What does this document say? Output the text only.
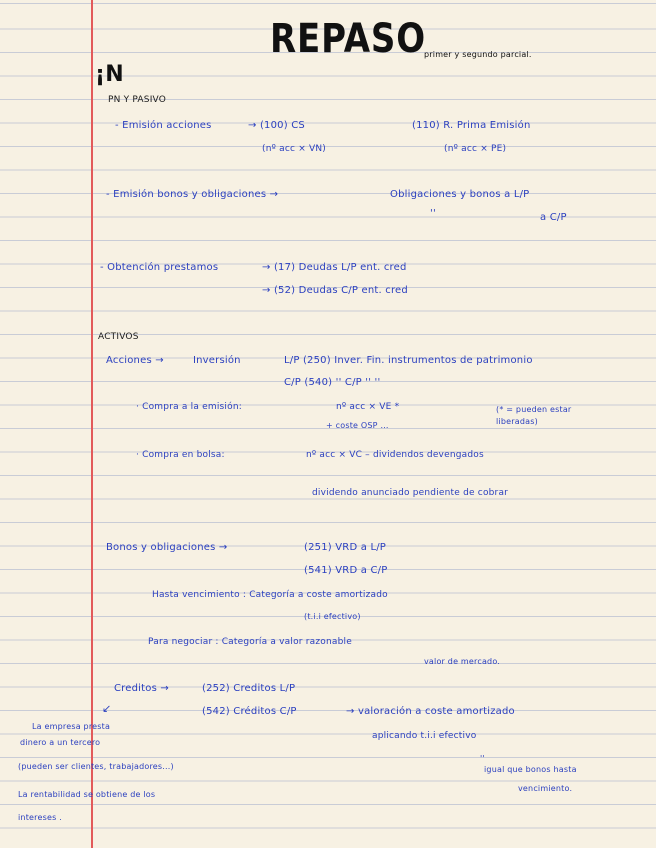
REPASO
primer y segundo parcial.
¡N
PN Y PASIVO
- Emisión acciones	→ (100) CS
(nº acc × VN)
(110) R. Prima Emisión
(nº acc × PE)
- Emisión bonos y obligaciones →	Obligaciones y bonos a L/P
''	a C/P
- Obtención prestamos	→ (17) Deudas L/P ent. cred
→ (52) Deudas C/P ent. cred
ACTIVOS
Acciones →	Inversión	L/P (250) Inver. Fin. instrumentos de patrimonio
C/P (540) '' C/P '' ''
· Compra a la emisión:	nº acc × VE *
+ coste OSP ...
(* = pueden estar liberadas)
· Compra en bolsa:	nº acc × VC – dividendos devengados
dividendo anunciado pendiente de cobrar
Bonos y obligaciones →	(251) VRD a L/P
(541) VRD a C/P
Hasta vencimiento : Categoría a coste amortizado
(t.i.i efectivo)
Para negociar : Categoría a valor razonable
valor de mercado.
Creditos →	(252) Creditos L/P
(542) Créditos C/P	→ valoración a coste amortizado
aplicando t.i.i efectivo
''
igual que bonos hasta
vencimiento.
↙
La empresa presta
dinero a un tercero
(pueden ser clientes, trabajadores...)
La rentabilidad se obtiene de los
intereses .
